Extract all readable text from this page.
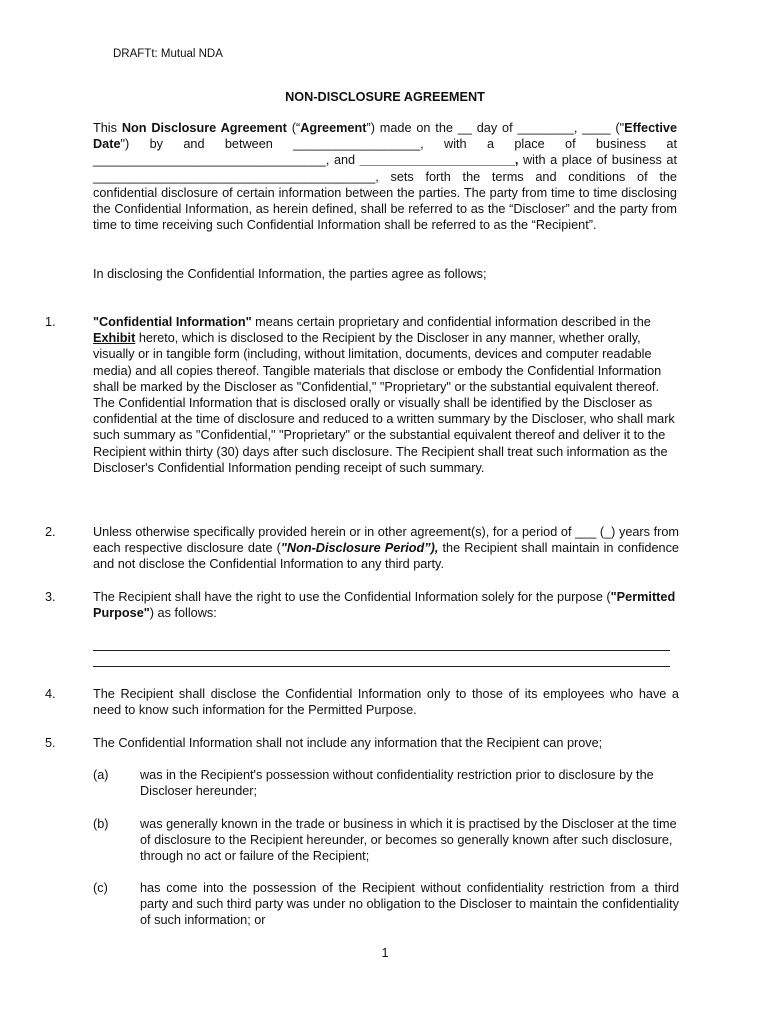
DRAFTt: Mutual NDA
NON-DISCLOSURE AGREEMENT
This Non Disclosure Agreement (“Agreement”) made on the __ day of ________, ____ ("Effective Date") by and between __________________, with a place of business at _________________________________, and ______________________, with a place of business at ________________________________________, sets forth the terms and conditions of the confidential disclosure of certain information between the parties. The party from time to time disclosing the Confidential Information, as herein defined, shall be referred to as the “Discloser” and the party from time to time receiving such Confidential Information shall be referred to as the “Recipient”.
In disclosing the Confidential Information, the parties agree as follows;
1.	"Confidential Information" means certain proprietary and confidential information described in the Exhibit hereto, which is disclosed to the Recipient by the Discloser in any manner, whether orally, visually or in tangible form (including, without limitation, documents, devices and computer readable media) and all copies thereof. Tangible materials that disclose or embody the Confidential Information shall be marked by the Discloser as "Confidential," "Proprietary" or the substantial equivalent thereof. The Confidential Information that is disclosed orally or visually shall be identified by the Discloser as confidential at the time of disclosure and reduced to a written summary by the Discloser, who shall mark such summary as "Confidential," "Proprietary" or the substantial equivalent thereof and deliver it to the Recipient within thirty (30) days after such disclosure. The Recipient shall treat such information as the Discloser's Confidential Information pending receipt of such summary.
2.	Unless otherwise specifically provided herein or in other agreement(s), for a period of ___ (_) years from each respective disclosure date ("Non-Disclosure Period”), the Recipient shall maintain in confidence and not disclose the Confidential Information to any third party.
3.	The Recipient shall have the right to use the Confidential Information solely for the purpose ("Permitted Purpose") as follows:
4.	The Recipient shall disclose the Confidential Information only to those of its employees who have a need to know such information for the Permitted Purpose.
5.	The Confidential Information shall not include any information that the Recipient can prove;
(a) was in the Recipient's possession without confidentiality restriction prior to disclosure by the Discloser hereunder;
(b) was generally known in the trade or business in which it is practised by the Discloser at the time of disclosure to the Recipient hereunder, or becomes so generally known after such disclosure, through no act or failure of the Recipient;
(c)	has come into the possession of the Recipient without confidentiality restriction from a third party and such third party was under no obligation to the Discloser to maintain the confidentiality of such information; or
1
